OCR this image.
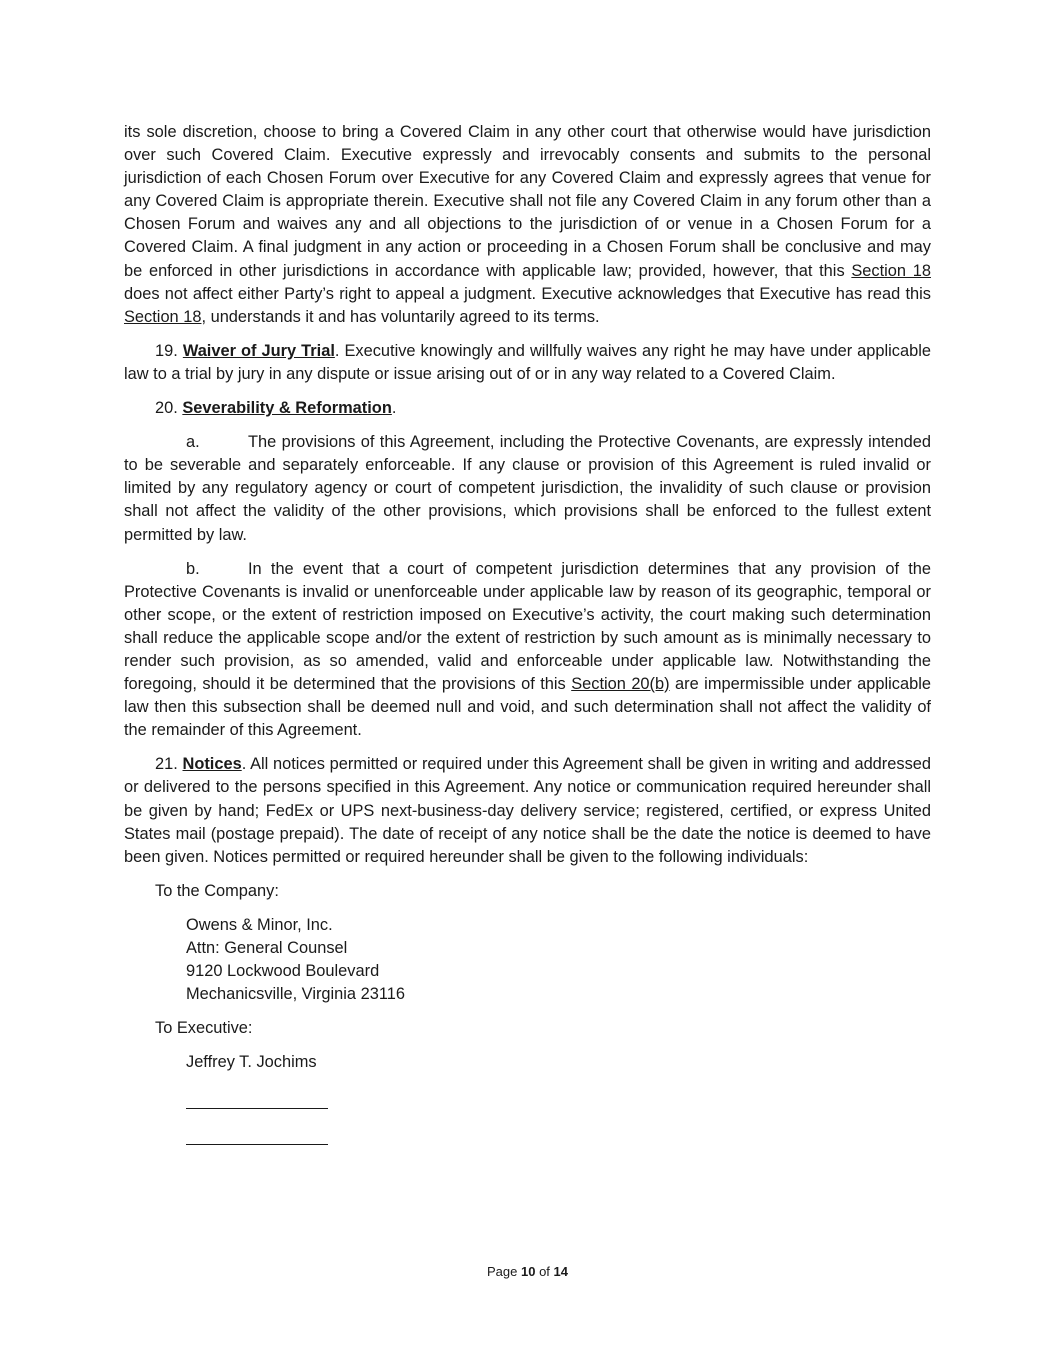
its sole discretion, choose to bring a Covered Claim in any other court that otherwise would have jurisdiction over such Covered Claim. Executive expressly and irrevocably consents and submits to the personal jurisdiction of each Chosen Forum over Executive for any Covered Claim and expressly agrees that venue for any Covered Claim is appropriate therein. Executive shall not file any Covered Claim in any forum other than a Chosen Forum and waives any and all objections to the jurisdiction of or venue in a Chosen Forum for a Covered Claim. A final judgment in any action or proceeding in a Chosen Forum shall be conclusive and may be enforced in other jurisdictions in accordance with applicable law; provided, however, that this Section 18 does not affect either Party’s right to appeal a judgment. Executive acknowledges that Executive has read this Section 18, understands it and has voluntarily agreed to its terms.

19. Waiver of Jury Trial. Executive knowingly and willfully waives any right he may have under applicable law to a trial by jury in any dispute or issue arising out of or in any way related to a Covered Claim.

20. Severability & Reformation.

a.	The provisions of this Agreement, including the Protective Covenants, are expressly intended to be severable and separately enforceable. If any clause or provision of this Agreement is ruled invalid or limited by any regulatory agency or court of competent jurisdiction, the invalidity of such clause or provision shall not affect the validity of the other provisions, which provisions shall be enforced to the fullest extent permitted by law.

b.	In the event that a court of competent jurisdiction determines that any provision of the Protective Covenants is invalid or unenforceable under applicable law by reason of its geographic, temporal or other scope, or the extent of restriction imposed on Executive’s activity, the court making such determination shall reduce the applicable scope and/or the extent of restriction by such amount as is minimally necessary to render such provision, as so amended, valid and enforceable under applicable law. Notwithstanding the foregoing, should it be determined that the provisions of this Section 20(b) are impermissible under applicable law then this subsection shall be deemed null and void, and such determination shall not affect the validity of the remainder of this Agreement.

21. Notices. All notices permitted or required under this Agreement shall be given in writing and addressed or delivered to the persons specified in this Agreement. Any notice or communication required hereunder shall be given by hand; FedEx or UPS next-business-day delivery service; registered, certified, or express United States mail (postage prepaid). The date of receipt of any notice shall be the date the notice is deemed to have been given. Notices permitted or required hereunder shall be given to the following individuals:

To the Company:
Owens & Minor, Inc.
Attn: General Counsel
9120 Lockwood Boulevard
Mechanicsville, Virginia 23116
To Executive:
Jeffrey T. Jochims
Page 10 of 14
